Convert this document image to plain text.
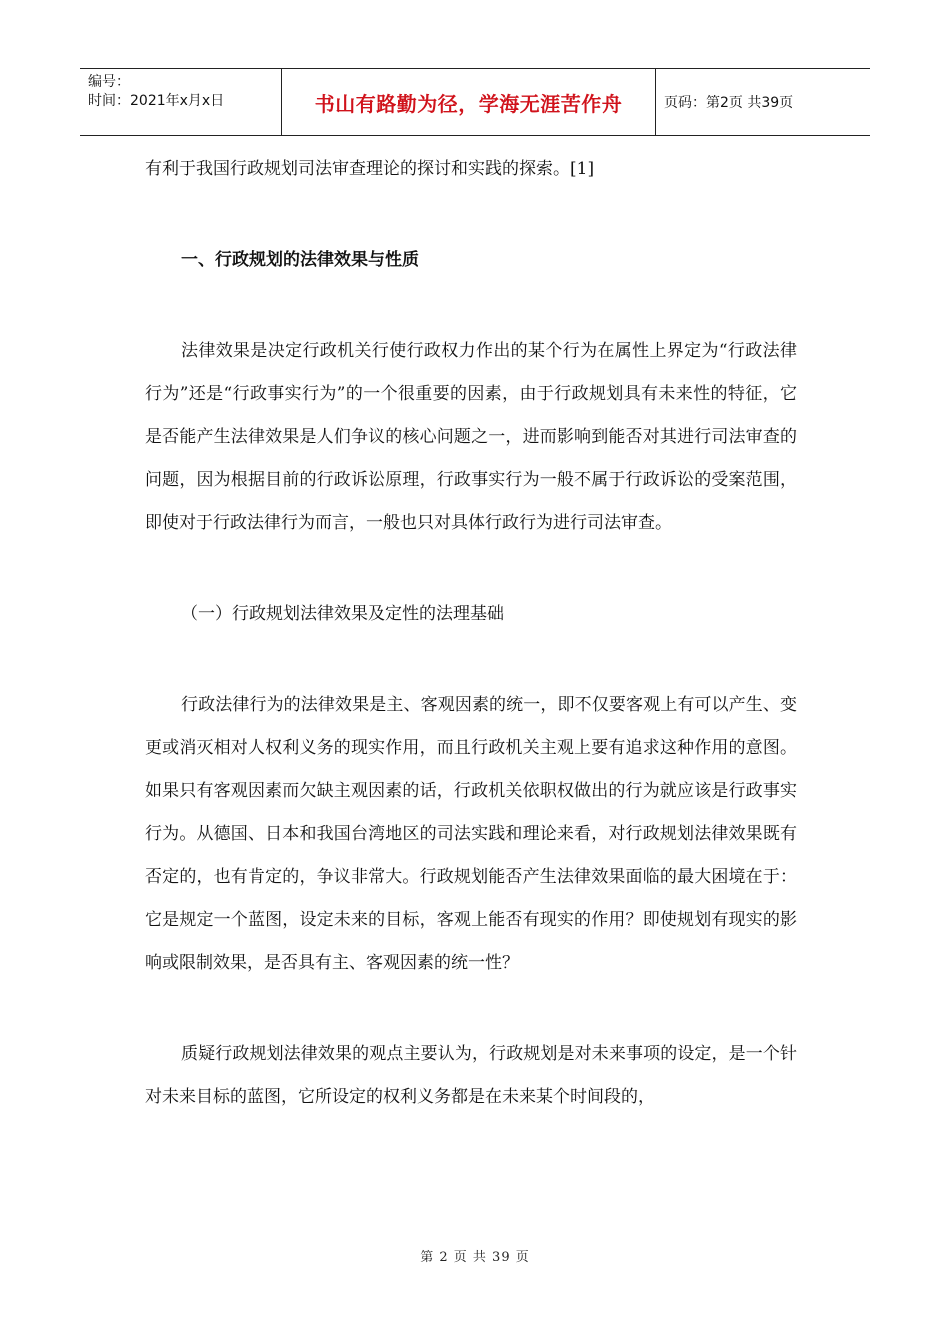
编号：
时间：2021年x月x日	书山有路勤为径，学海无涯苦作舟	页码：第2页 共39页

有利于我国行政规划司法审查理论的探讨和实践的探索。[1]

一、行政规划的法律效果与性质

法律效果是决定行政机关行使行政权力作出的某个行为在属性上界定为“行政法律行为”还是“行政事实行为”的一个很重要的因素，由于行政规划具有未来性的特征，它是否能产生法律效果是人们争议的核心问题之一，进而影响到能否对其进行司法审查的问题，因为根据目前的行政诉讼原理，行政事实行为一般不属于行政诉讼的受案范围，即使对于行政法律行为而言，一般也只对具体行政行为进行司法审查。

（一）行政规划法律效果及定性的法理基础

行政法律行为的法律效果是主、客观因素的统一，即不仅要客观上有可以产生、变更或消灭相对人权利义务的现实作用，而且行政机关主观上要有追求这种作用的意图。如果只有客观因素而欠缺主观因素的话，行政机关依职权做出的行为就应该是行政事实行为。从德国、日本和我国台湾地区的司法实践和理论来看，对行政规划法律效果既有否定的，也有肯定的，争议非常大。行政规划能否产生法律效果面临的最大困境在于：它是规定一个蓝图，设定未来的目标，客观上能否有现实的作用？即使规划有现实的影响或限制效果，是否具有主、客观因素的统一性？

质疑行政规划法律效果的观点主要认为，行政规划是对未来事项的设定，是一个针对未来目标的蓝图，它所设定的权利义务都是在未来某个时间段的，

第 2 页 共 39 页
